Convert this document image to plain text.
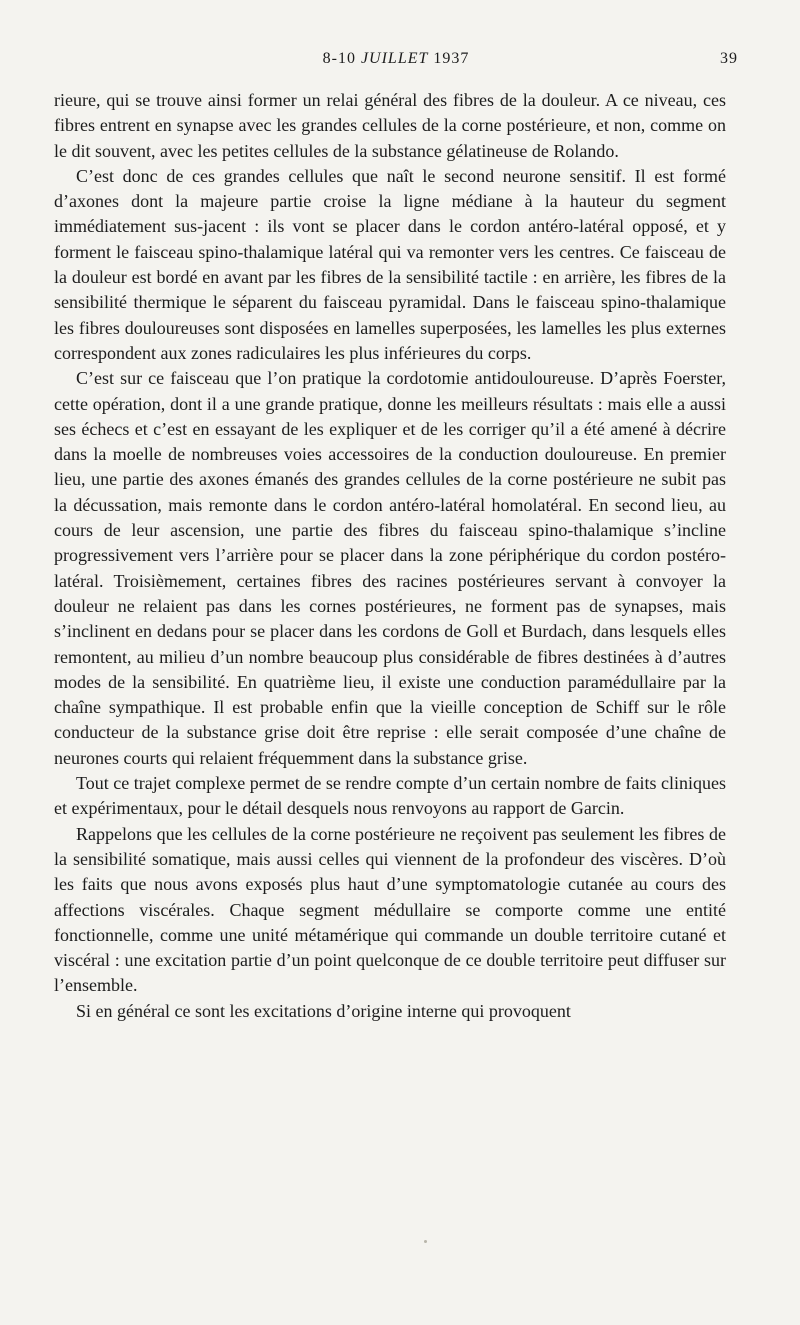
8-10 JUILLET 1937	39

rieure, qui se trouve ainsi former un relai général des fibres de la douleur. A ce niveau, ces fibres entrent en synapse avec les grandes cellules de la corne postérieure, et non, comme on le dit souvent, avec les petites cellules de la substance gélatineuse de Rolando.

C’est donc de ces grandes cellules que naît le second neurone sensitif. Il est formé d’axones dont la majeure partie croise la ligne médiane à la hauteur du segment immédiatement sus-jacent : ils vont se placer dans le cordon antéro-latéral opposé, et y forment le faisceau spino-thalamique latéral qui va remonter vers les centres. Ce faisceau de la douleur est bordé en avant par les fibres de la sensibilité tactile : en arrière, les fibres de la sensibilité thermique le séparent du faisceau pyramidal. Dans le faisceau spino-thalamique les fibres douloureuses sont disposées en lamelles superposées, les lamelles les plus externes correspondent aux zones radiculaires les plus inférieures du corps.

C’est sur ce faisceau que l’on pratique la cordotomie antidouloureuse. D’après Foerster, cette opération, dont il a une grande pratique, donne les meilleurs résultats : mais elle a aussi ses échecs et c’est en essayant de les expliquer et de les corriger qu’il a été amené à décrire dans la moelle de nombreuses voies accessoires de la conduction douloureuse. En premier lieu, une partie des axones émanés des grandes cellules de la corne postérieure ne subit pas la décussation, mais remonte dans le cordon antéro-latéral homolatéral. En second lieu, au cours de leur ascension, une partie des fibres du faisceau spino-thalamique s’incline progressivement vers l’arrière pour se placer dans la zone périphérique du cordon postéro-latéral. Troisièmement, certaines fibres des racines postérieures servant à convoyer la douleur ne relaient pas dans les cornes postérieures, ne forment pas de synapses, mais s’inclinent en dedans pour se placer dans les cordons de Goll et Burdach, dans lesquels elles remontent, au milieu d’un nombre beaucoup plus considérable de fibres destinées à d’autres modes de la sensibilité. En quatrième lieu, il existe une conduction paramédullaire par la chaîne sympathique. Il est probable enfin que la vieille conception de Schiff sur le rôle conducteur de la substance grise doit être reprise : elle serait composée d’une chaîne de neurones courts qui relaient fréquemment dans la substance grise.

Tout ce trajet complexe permet de se rendre compte d’un certain nombre de faits cliniques et expérimentaux, pour le détail desquels nous renvoyons au rapport de Garcin.

Rappelons que les cellules de la corne postérieure ne reçoivent pas seulement les fibres de la sensibilité somatique, mais aussi celles qui viennent de la profondeur des viscères. D’où les faits que nous avons exposés plus haut d’une symptomatologie cutanée au cours des affections viscérales. Chaque segment médullaire se comporte comme une entité fonctionnelle, comme une unité métamérique qui commande un double territoire cutané et viscéral : une excitation partie d’un point quelconque de ce double territoire peut diffuser sur l’ensemble.

Si en général ce sont les excitations d’origine interne qui provoquent
